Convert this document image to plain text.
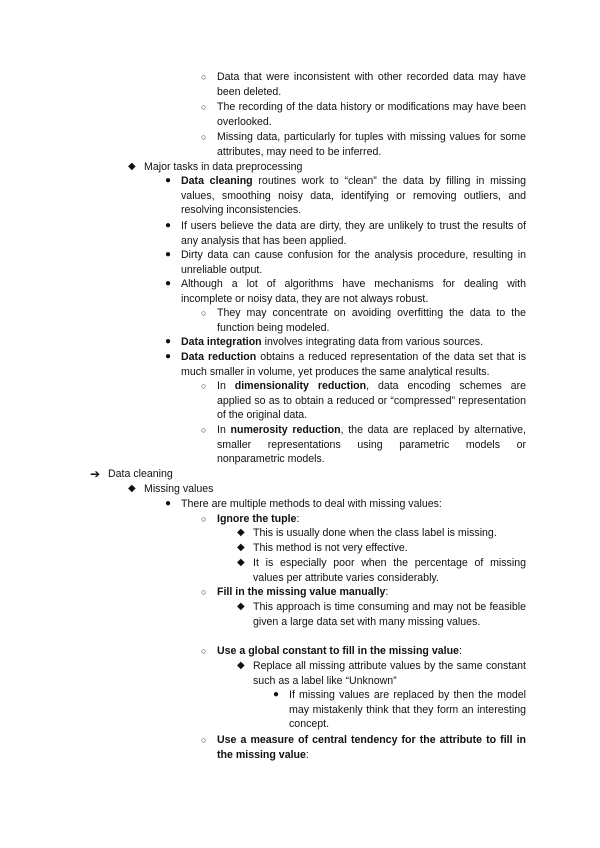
○ Data that were inconsistent with other recorded data may have been deleted.
○ The recording of the data history or modifications may have been overlooked.
○ Missing data, particularly for tuples with missing values for some attributes, may need to be inferred.
◆ Major tasks in data preprocessing
● Data cleaning routines work to “clean” the data by filling in missing values, smoothing noisy data, identifying or removing outliers, and resolving inconsistencies.
● If users believe the data are dirty, they are unlikely to trust the results of any analysis that has been applied.
● Dirty data can cause confusion for the analysis procedure, resulting in unreliable output.
● Although a lot of algorithms have mechanisms for dealing with incomplete or noisy data, they are not always robust.
○ They may concentrate on avoiding overfitting the data to the function being modeled.
● Data integration involves integrating data from various sources.
● Data reduction obtains a reduced representation of the data set that is much smaller in volume, yet produces the same analytical results.
○ In dimensionality reduction, data encoding schemes are applied so as to obtain a reduced or “compressed” representation of the original data.
○ In numerosity reduction, the data are replaced by alternative, smaller representations using parametric models or nonparametric models.
➔ Data cleaning
◆ Missing values
● There are multiple methods to deal with missing values:
○ Ignore the tuple:
◆ This is usually done when the class label is missing.
◆ This method is not very effective.
◆ It is especially poor when the percentage of missing values per attribute varies considerably.
○ Fill in the missing value manually:
◆ This approach is time consuming and may not be feasible given a large data set with many missing values.
○ Use a global constant to fill in the missing value:
◆ Replace all missing attribute values by the same constant such as a label like “Unknown”
● If missing values are replaced by then the model may mistakenly think that they form an interesting concept.
○ Use a measure of central tendency for the attribute to fill in the missing value:
